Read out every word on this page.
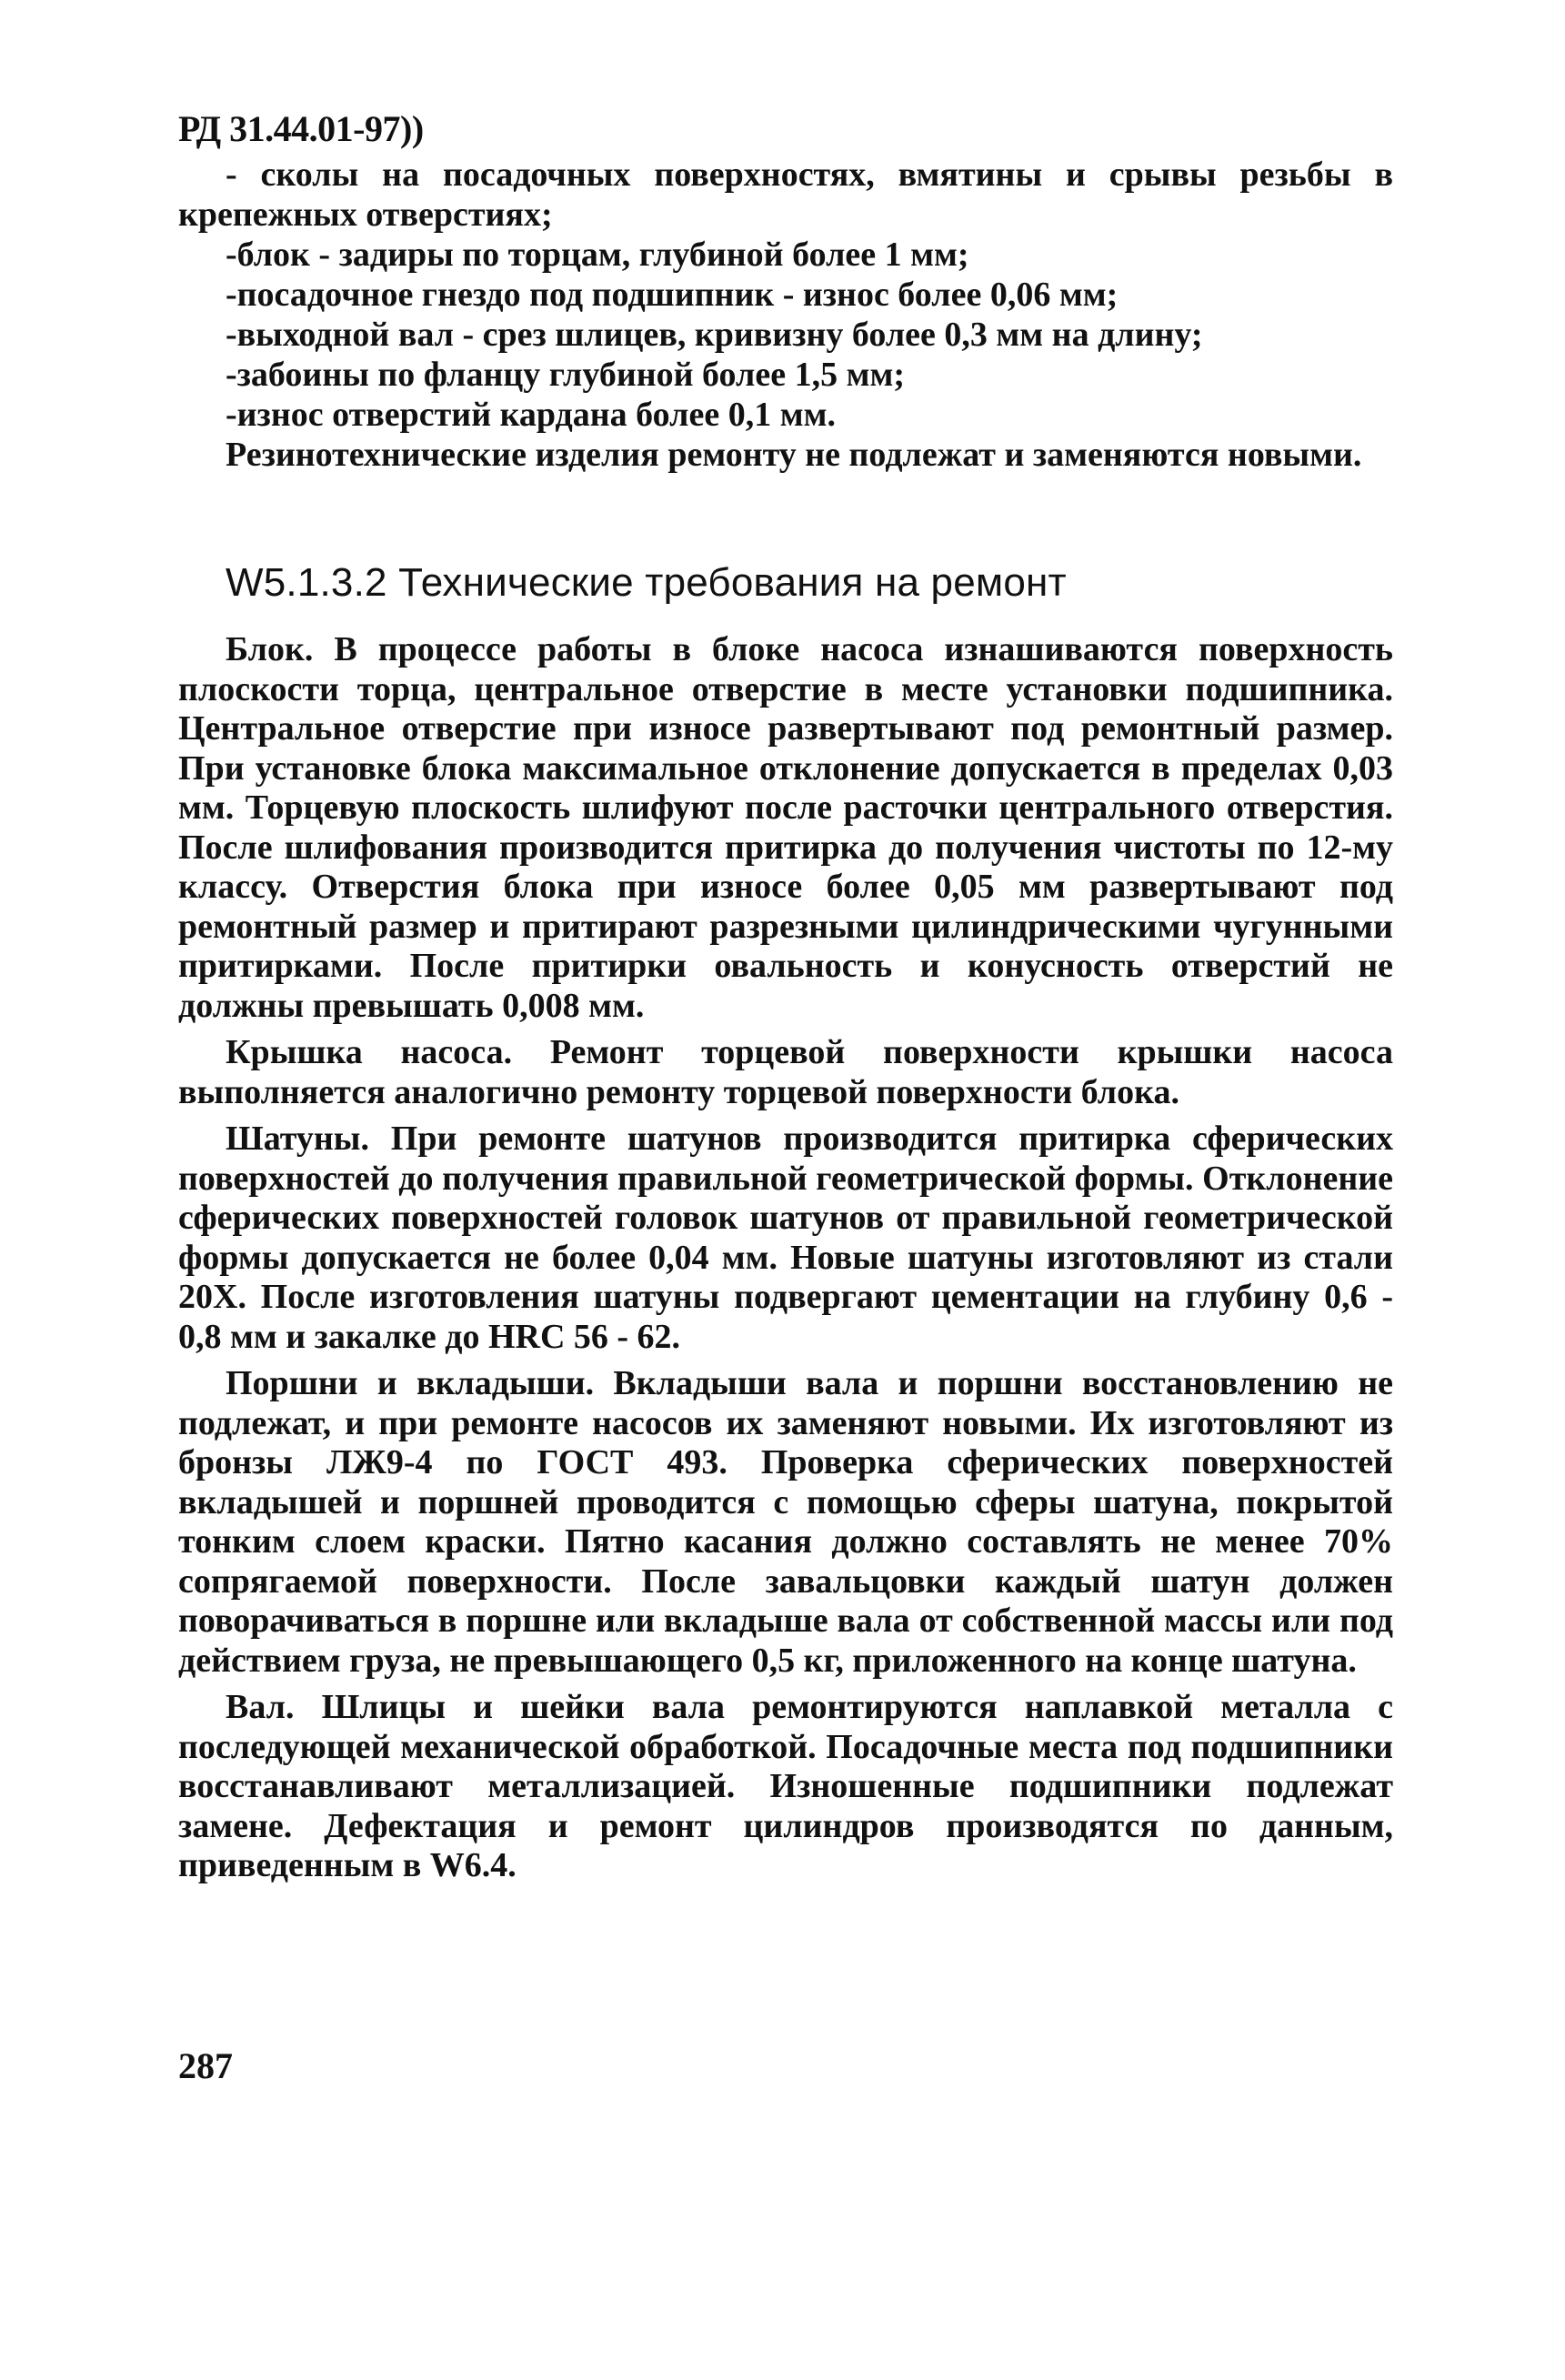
РД 31.44.01-97))

- сколы на посадочных поверхностях, вмятины и срывы резьбы в крепежных отверстиях;

-блок - задиры по торцам, глубиной более 1 мм;
-посадочное гнездо под подшипник - износ более 0,06 мм;
-выходной вал - срез шлицев, кривизну более 0,3 мм на длину;
-забоины по фланцу глубиной более 1,5 мм;
-износ отверстий кардана более 0,1 мм.

Резинотехнические изделия ремонту не подлежат и заменяются новыми.

W5.1.3.2 Технические требования на ремонт

Блок. В процессе работы в блоке насоса изнашиваются поверхность плоскости торца, центральное отверстие в месте установки подшипника. Центральное отверстие при износе развертывают под ремонтный размер. При установке блока максимальное отклонение допускается в пределах 0,03 мм. Торцевую плоскость шлифуют после расточки центрального отверстия. После шлифования производится притирка до получения чистоты по 12-му классу. Отверстия блока при износе более 0,05 мм развертывают под ремонтный размер и притирают разрезными цилиндрическими чугунными притирками. После притирки овальность и конусность отверстий не должны превышать 0,008 мм.

Крышка насоса. Ремонт торцевой поверхности крышки насоса выполняется аналогично ремонту торцевой поверхности блока.

Шатуны. При ремонте шатунов производится притирка сферических поверхностей до получения правильной геометрической формы. Отклонение сферических поверхностей головок шатунов от правильной геометрической формы допускается не более 0,04 мм. Новые шатуны изготовляют из стали 20Х. После изготовления шатуны подвергают цементации на глубину 0,6 - 0,8 мм и закалке до HRC 56 - 62.

Поршни и вкладыши. Вкладыши вала и поршни восстановлению не подлежат, и при ремонте насосов их заменяют новыми. Их изготовляют из бронзы ЛЖ9-4 по ГОСТ 493. Проверка сферических поверхностей вкладышей и поршней проводится с помощью сферы шатуна, покрытой тонким слоем краски. Пятно касания должно составлять не менее 70% сопрягаемой поверхности. После завальцовки каждый шатун должен поворачиваться в поршне или вкладыше вала от собственной массы или под действием груза, не превышающего 0,5 кг, приложенного на конце шатуна.

Вал. Шлицы и шейки вала ремонтируются наплавкой металла с последующей механической обработкой. Посадочные места под подшипники восстанавливают металлизацией. Изношенные подшипники подлежат замене. Дефектация и ремонт цилиндров производятся по данным, приведенным в W6.4.

287
